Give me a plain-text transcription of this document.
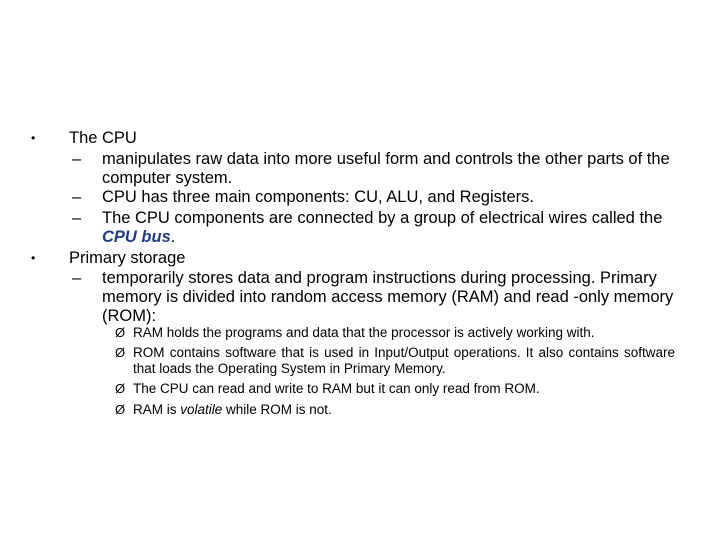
• The CPU
– manipulates raw data into more useful form and controls the other parts of the computer system.
– CPU has three main components: CU, ALU, and Registers.
– The CPU components are connected by a group of electrical wires called the CPU bus.
• Primary storage
– temporarily stores data and program instructions during processing. Primary memory is divided into random access memory (RAM) and read -only memory (ROM):
Ø RAM holds the programs and data that the processor is actively working with.
Ø ROM contains software that is used in Input/Output operations. It also contains software that loads the Operating System in Primary Memory.
Ø The CPU can read and write to RAM but it can only read from ROM.
Ø RAM is volatile while ROM is not.
